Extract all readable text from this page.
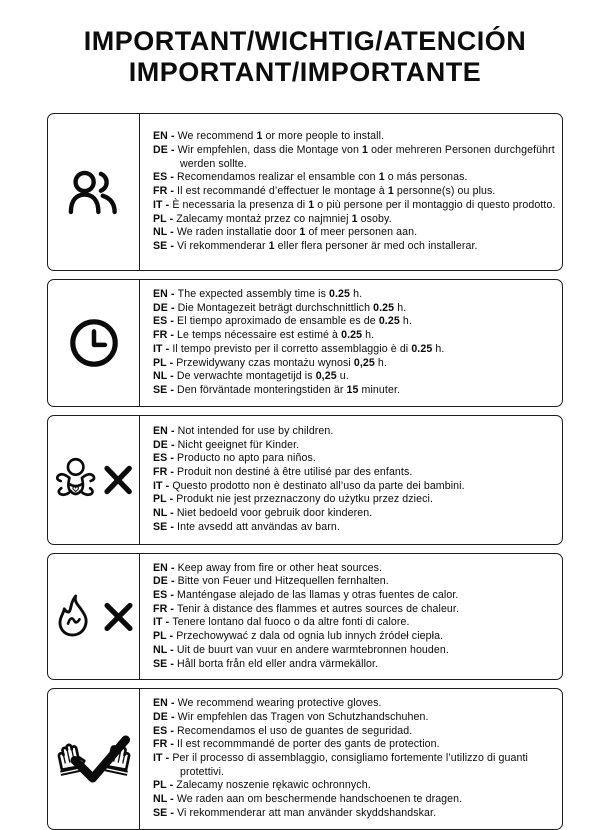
IMPORTANT/WICHTIG/ATENCIÓN
IMPORTANT/IMPORTANTE

EN - We recommend 1 or more people to install.

DE - Wir empfehlen, dass die Montage von 1 oder mehreren Personen durchgeführt werden sollte.

ES - Recomendamos realizar el ensamble con 1 o más personas.

FR - Il est recommandé d’effectuer le montage à 1 personne(s) ou plus.

IT - È necessaria la presenza di 1 o più persone per il montaggio di questo prodotto.

PL - Zalecamy montaż przez co najmniej 1 osoby.

NL - We raden installatie door 1 of meer personen aan.

SE - Vi rekommenderar 1 eller flera personer är med och installerar.

EN - The expected assembly time is 0.25 h.

DE - Die Montagezeit beträgt durchschnittlich 0.25 h.

ES - El tiempo aproximado de ensamble es de 0.25 h.

FR - Le temps nécessaire est estimé à 0.25 h.

IT - Il tempo previsto per il corretto assemblaggio è di 0.25 h.

PL - Przewidywany czas montażu wynosi 0,25 h.

NL - De verwachte montagetijd is 0,25 u.

SE - Den förväntade monteringstiden är 15 minuter.

EN - Not intended for use by children.

DE - Nicht geeignet für Kinder.

ES - Producto no apto para niños.

FR - Produit non destiné à être utilisé par des enfants.

IT - Questo prodotto non è destinato all’uso da parte dei bambini.

PL - Produkt nie jest przeznaczony do użytku przez dzieci.

NL - Niet bedoeld voor gebruik door kinderen.

SE - Inte avsedd att användas av barn.

EN - Keep away from fire or other heat sources.

DE - Bitte von Feuer und Hitzequellen fernhalten.

ES - Manténgase alejado de las llamas y otras fuentes de calor.

FR - Tenir à distance des flammes et autres sources de chaleur.

IT - Tenere lontano dal fuoco o da altre fonti di calore.

PL - Przechowywać z dala od ognia lub innych źródeł ciepła.

NL - Uit de buurt van vuur en andere warmtebronnen houden.

SE - Håll borta från eld eller andra värmekällor.

EN - We recommend wearing protective gloves.

DE - Wir empfehlen das Tragen von Schutzhandschuhen.

ES - Recomendamos el uso de guantes de seguridad.

FR - Il est recommmandé de porter des gants de protection.

IT - Per il processo di assemblaggio, consigliamo fortemente l’utilizzo di guanti protettivi.

PL - Zalecamy noszenie rękawic ochronnych.

NL - We raden aan om beschermende handschoenen te dragen.

SE - Vi rekommenderar att man använder skyddshandskar.
